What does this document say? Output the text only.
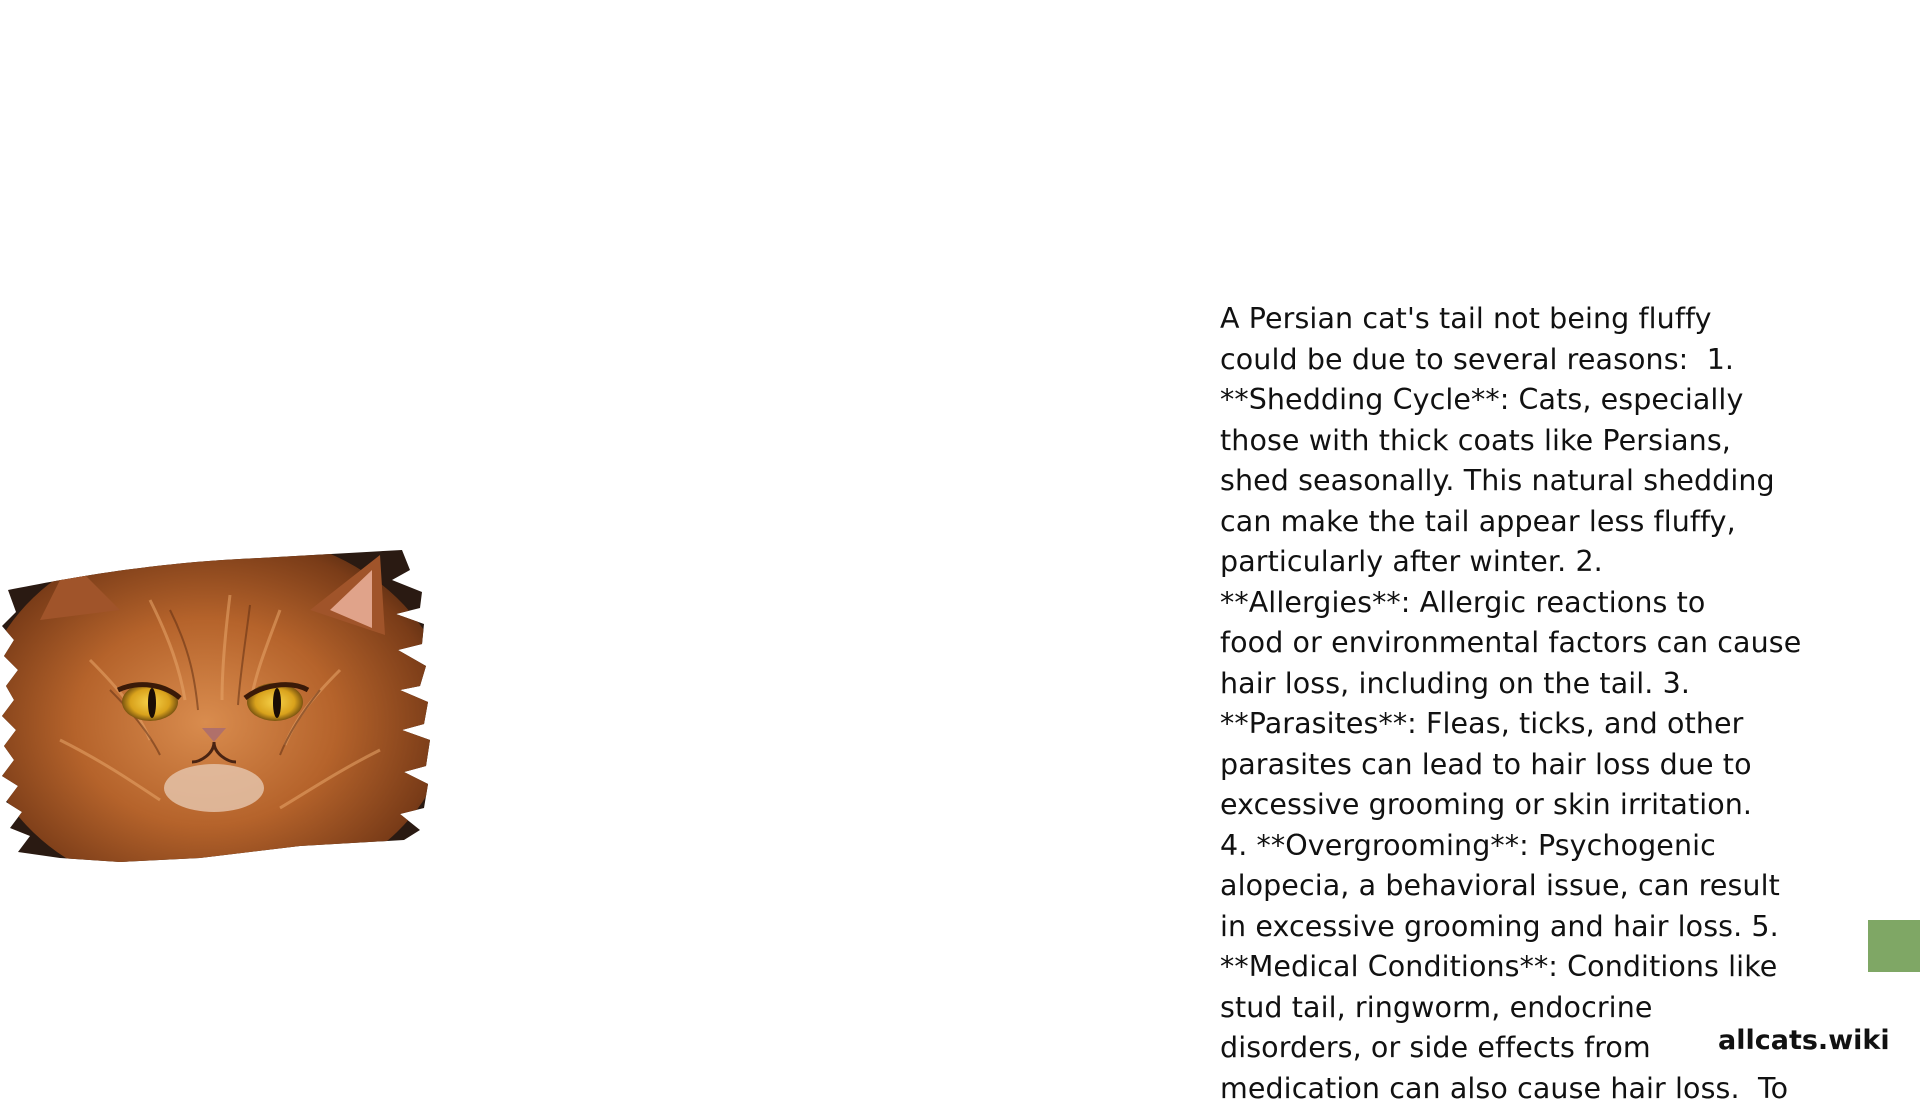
A Persian cat's tail not being fluffy
could be due to several reasons:  1.
**Shedding Cycle**: Cats, especially
those with thick coats like Persians,
shed seasonally. This natural shedding
can make the tail appear less fluffy,
particularly after winter. 2.
**Allergies**: Allergic reactions to
food or environmental factors can cause
hair loss, including on the tail. 3.
**Parasites**: Fleas, ticks, and other
parasites can lead to hair loss due to
excessive grooming or skin irritation.
4. **Overgrooming**: Psychogenic
alopecia, a behavioral issue, can result
in excessive grooming and hair loss. 5.
**Medical Conditions**: Conditions like
stud tail, ringworm, endocrine
disorders, or side effects from
medication can also cause hair loss.  To
allcats.wiki
